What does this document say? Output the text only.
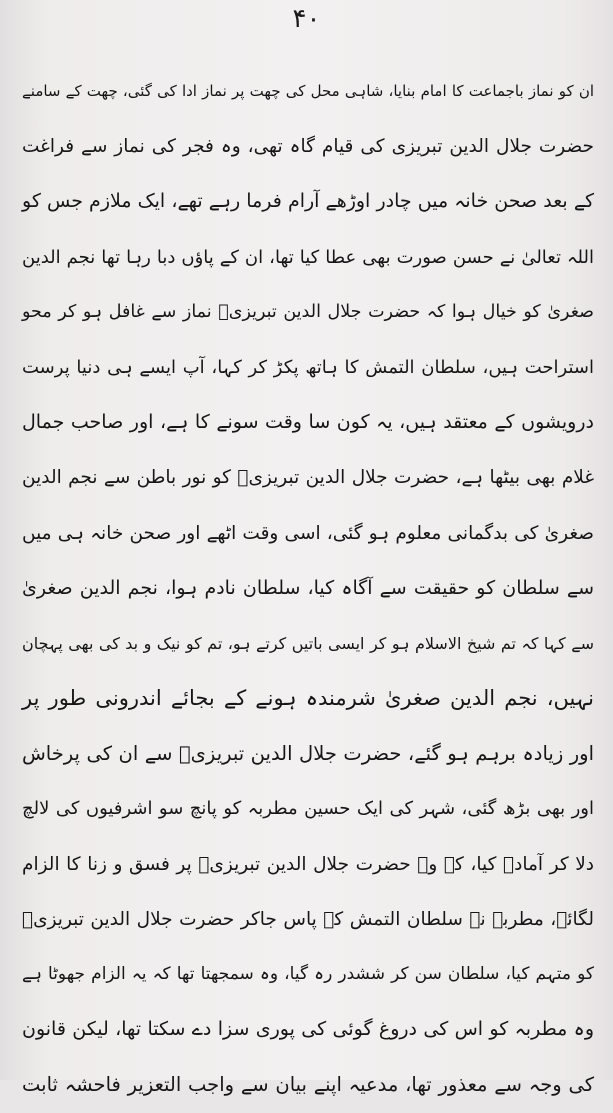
۴۰
ان کو نماز باجماعت کا امام بنایا، شاہی محل کی چھت پر نماز ادا کی گئی، چھت کے سامنے
حضرت جلال الدین تبریزی کی قیام گاہ تھی، وہ فجر کی نماز سے فراغت
کے بعد صحن خانہ میں چادر اوڑھے آرام فرما رہے تھے، ایک ملازم جس کو
اللہ تعالیٰ نے حسن صورت بھی عطا کیا تھا، ان کے پاؤں دبا رہا تھا نجم الدین
صغریٰ کو خیال ہوا کہ حضرت جلال الدین تبریزیؒ نماز سے غافل ہو کر محو
استراحت ہیں، سلطان التمش کا ہاتھ پکڑ کر کہا، آپ ایسے ہی دنیا پرست
درویشوں کے معتقد ہیں، یہ کون سا وقت سونے کا ہے، اور صاحب جمال
غلام بھی بیٹھا ہے، حضرت جلال الدین تبریزیؒ کو نور باطن سے نجم الدین
صغریٰ کی بدگمانی معلوم ہو گئی، اسی وقت اٹھے اور صحن خانہ ہی میں
سے سلطان کو حقیقت سے آگاہ کیا، سلطان نادم ہوا، نجم الدین صغریٰ
سے کہا کہ تم شیخ الاسلام ہو کر ایسی باتیں کرتے ہو، تم کو نیک و بد کی بھی پہچان
نہیں، نجم الدین صغریٰ شرمندہ ہونے کے بجائے اندرونی طور پر
اور زیادہ برہم ہو گئے، حضرت جلال الدین تبریزیؒ سے ان کی پرخاش
اور بھی بڑھ گئی، شہر کی ایک حسین مطربہ کو پانچ سو اشرفیوں کی لالچ
دلا کر آمادہ کیا، کہ وہ حضرت جلال الدین تبریزیؒ پر فسق و زنا کا الزام
لگائے، مطربہ نے سلطان التمش کے پاس جاکر حضرت جلال الدین تبریزیؒ
کو متہم کیا، سلطان سن کر ششدر رہ گیا، وہ سمجھتا تھا کہ یہ الزام جھوٹا ہے
وہ مطربہ کو اس کی دروغ گوئی کی پوری سزا دے سکتا تھا، لیکن قانون
کی وجہ سے معذور تھا، مدعیہ اپنے بیان سے واجب التعزیر فاحشہ ثابت
